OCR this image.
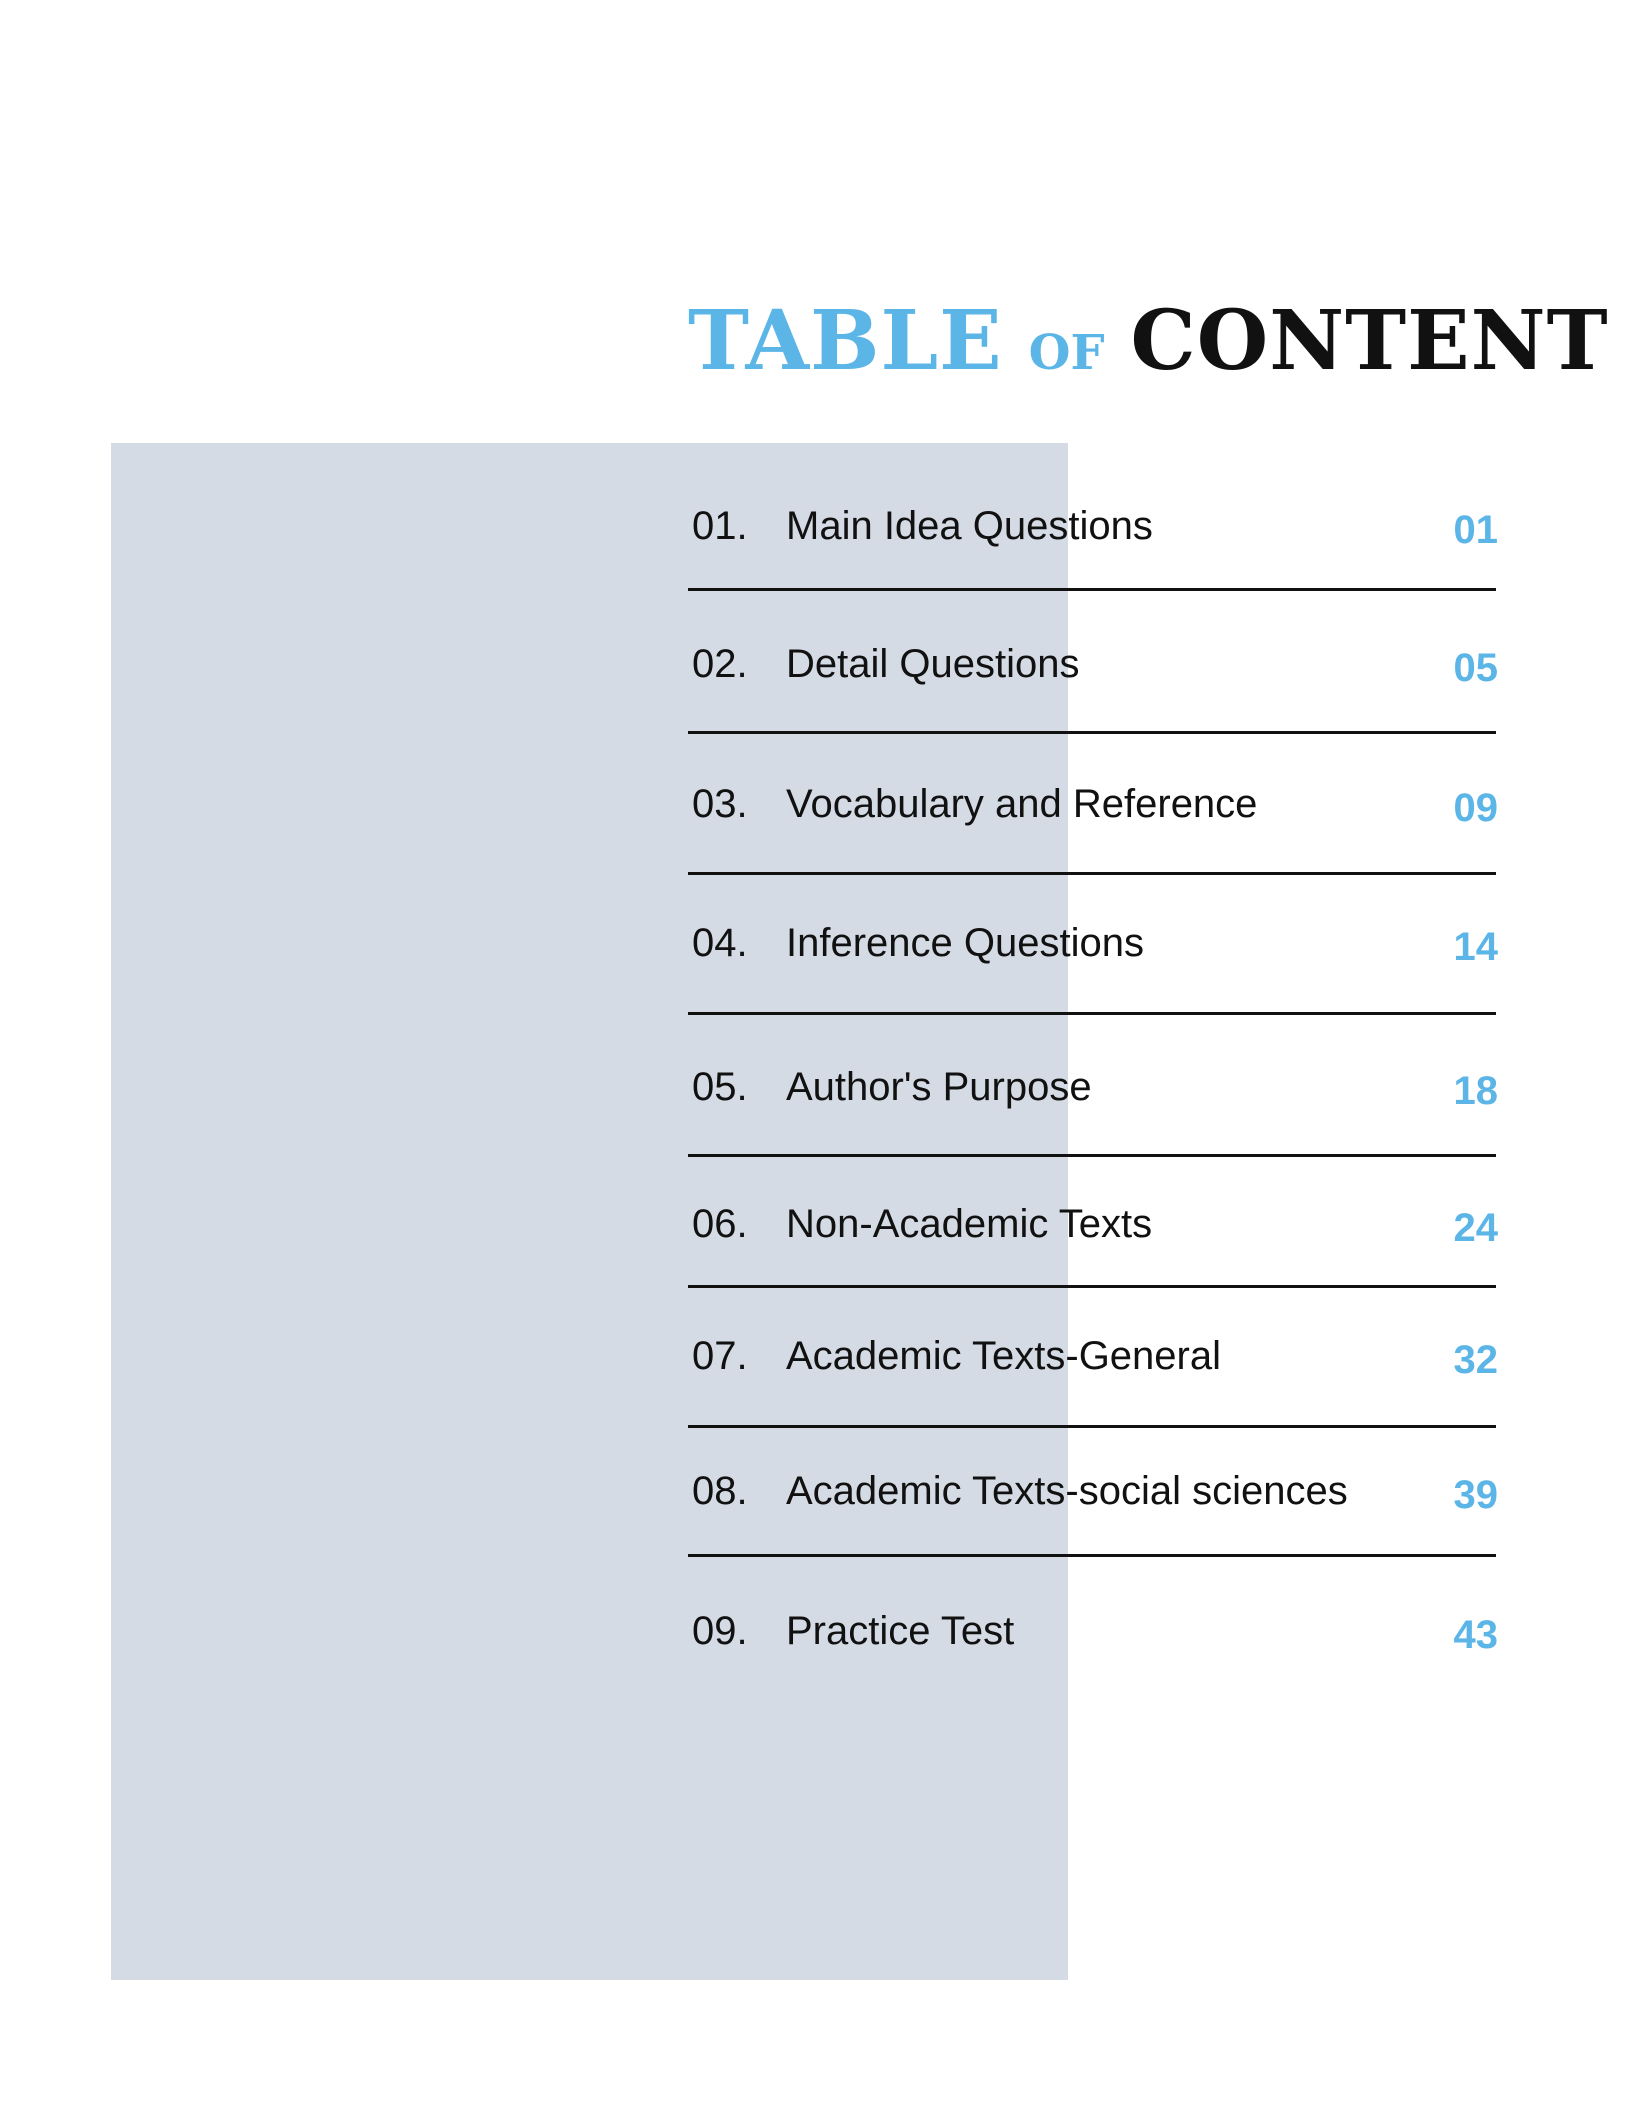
TABLE OF CONTENT
01. Main Idea Questions	01
02. Detail Questions	05
03. Vocabulary and Reference	09
04. Inference Questions	14
05. Author's Purpose	18
06. Non-Academic Texts	24
07. Academic Texts-General	32
08. Academic Texts-social sciences	39
09. Practice Test	43
